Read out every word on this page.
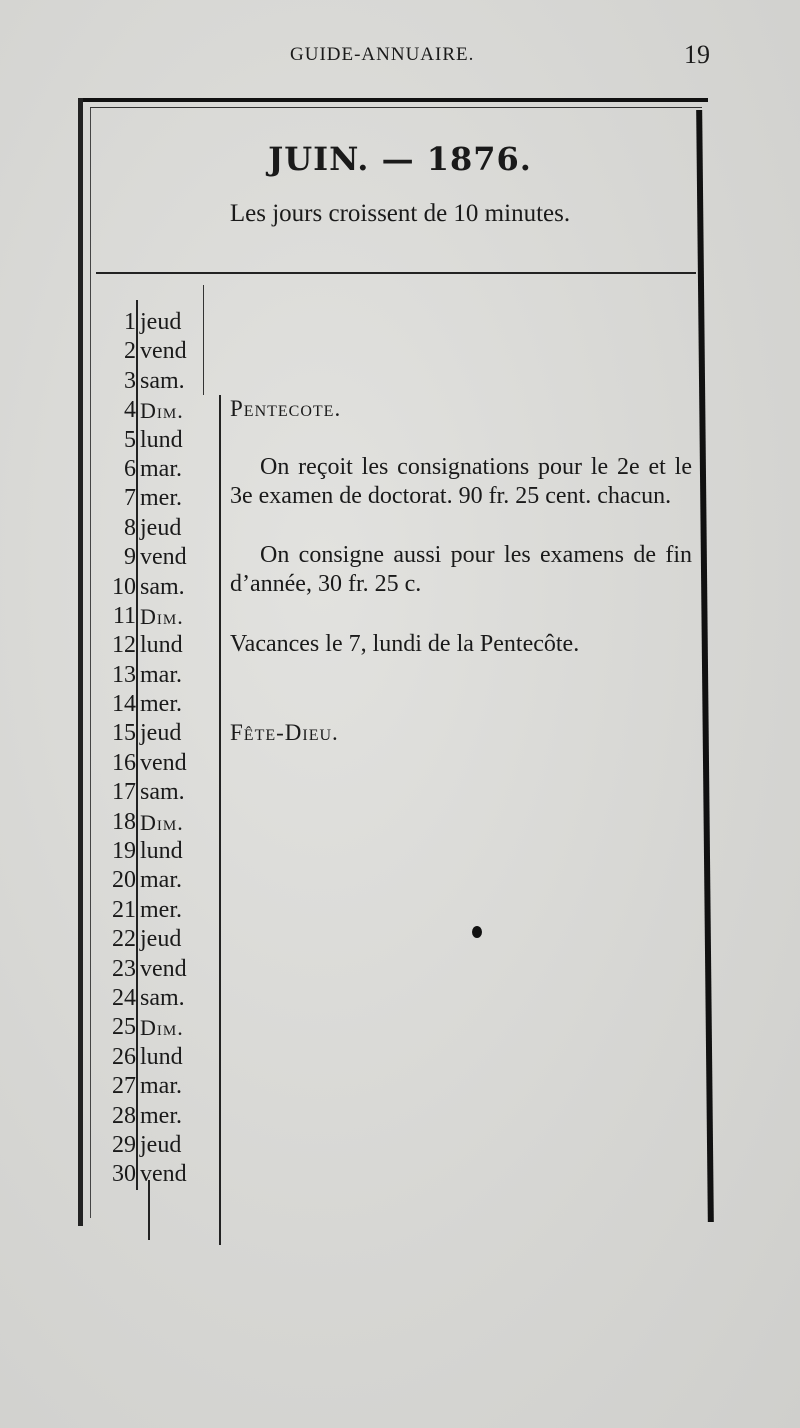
GUIDE-ANNUAIRE.	19
JUIN. — 1876.
Les jours croissent de 10 minutes.
1 jeud
2 vend
3 sam.
4 Dim.
5 lund
6 mar.
7 mer.
8 jeud
9 vend
10 sam.
11 Dim.
12 lund
13 mar.
14 mer.
15 jeud
16 vend
17 sam.
18 Dim.
19 lund
20 mar.
21 mer.
22 jeud
23 vend
24 sam.
25 Dim.
26 lund
27 mar.
28 mer.
29 jeud
30 vend
Pentecote.
On reçoit les consignations pour le 2e et le 3e examen de doctorat. 90 fr. 25 cent. chacun.
On consigne aussi pour les examens de fin d’année, 30 fr. 25 c.
Vacances le 7, lundi de la Pentecôte.
Fête-Dieu.
